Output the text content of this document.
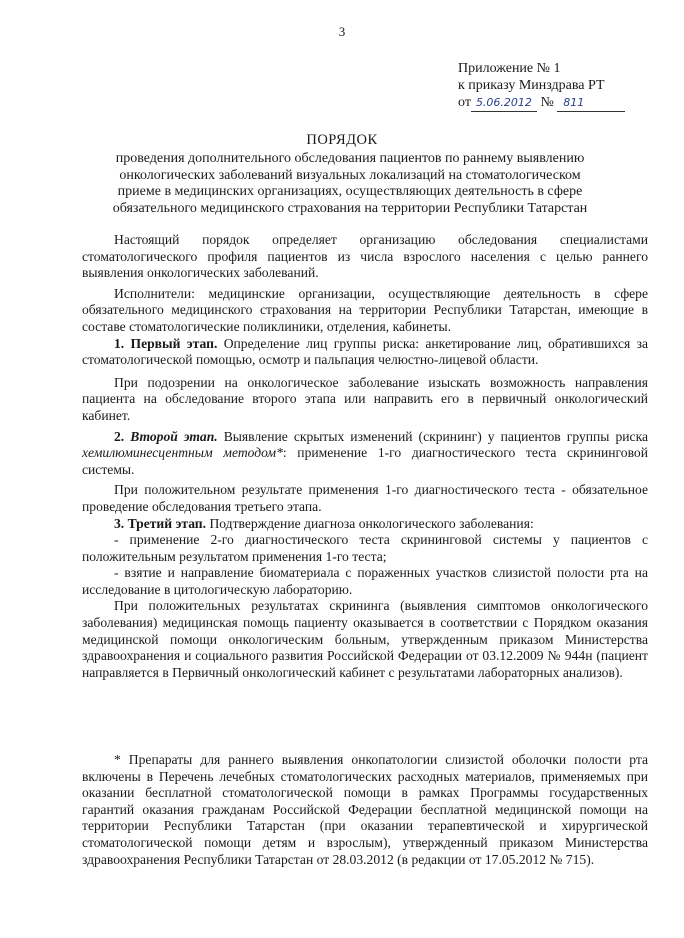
3
Приложение № 1
к приказу Минздрава РТ
от 5.06.2012 № 811
ПОРЯДОК
проведения дополнительного обследования пациентов по раннему выявлению онкологических заболеваний визуальных локализаций на стоматологическом приеме в медицинских организациях, осуществляющих деятельность в сфере обязательного медицинского страхования на территории Республики Татарстан

Настоящий порядок определяет организацию обследования специалистами стоматологического профиля пациентов из числа взрослого населения с целью раннего выявления онкологических заболеваний.

Исполнители: медицинские организации, осуществляющие деятельность в сфере обязательного медицинского страхования на территории Республики Татарстан, имеющие в составе стоматологические поликлиники, отделения, кабинеты.

1. Первый этап. Определение лиц группы риска: анкетирование лиц, обратившихся за стоматологической помощью, осмотр и пальпация челюстно-лицевой области.

При подозрении на онкологическое заболевание изыскать возможность направления пациента на обследование второго этапа или направить его в первичный онкологический кабинет.

2. Второй этап. Выявление скрытых изменений (скрининг) у пациентов группы риска хемилюминесцентным методом*: применение 1-го диагностического теста скрининговой системы.

При положительном результате применения 1-го диагностического теста - обязательное проведение обследования третьего этапа.

3. Третий этап. Подтверждение диагноза онкологического заболевания:

- применение 2-го диагностического теста скрининговой системы у пациентов с положительным результатом применения 1-го теста;

- взятие и направление биоматериала с пораженных участков слизистой полости рта на исследование в цитологическую лабораторию.

При положительных результатах скрининга (выявления симптомов онкологического заболевания) медицинская помощь пациенту оказывается в соответствии с Порядком оказания медицинской помощи онкологическим больным, утвержденным приказом Министерства здравоохранения и социального развития Российской Федерации от 03.12.2009 № 944н (пациент направляется в Первичный онкологический кабинет с результатами лабораторных анализов).

* Препараты для раннего выявления онкопатологии слизистой оболочки полости рта включены в Перечень лечебных стоматологических расходных материалов, применяемых при оказании бесплатной стоматологической помощи в рамках Программы государственных гарантий оказания гражданам Российской Федерации бесплатной медицинской помощи на территории Республики Татарстан (при оказании терапевтической и хирургической стоматологической помощи детям и взрослым), утвержденный приказом Министерства здравоохранения Республики Татарстан от 28.03.2012 (в редакции от 17.05.2012 № 715).
